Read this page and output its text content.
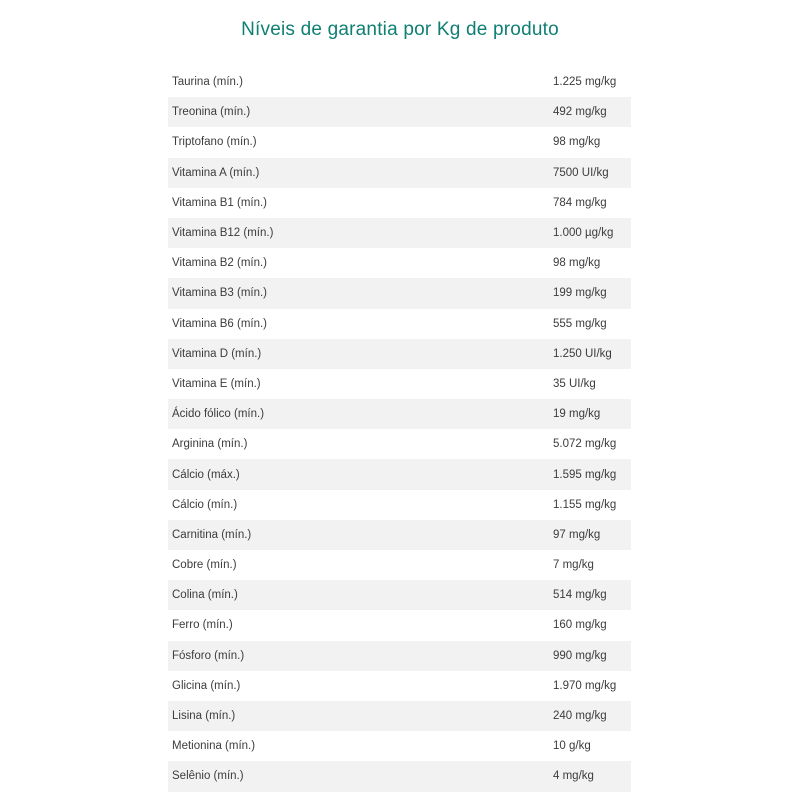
Níveis de garantia por Kg de produto
Taurina (mín.)	1.225 mg/kg
Treonina (mín.)	492 mg/kg
Triptofano (mín.)	98 mg/kg
Vitamina A (mín.)	7500 UI/kg
Vitamina B1 (mín.)	784 mg/kg
Vitamina B12 (mín.)	1.000 µg/kg
Vitamina B2 (mín.)	98 mg/kg
Vitamina B3 (mín.)	199 mg/kg
Vitamina B6 (mín.)	555 mg/kg
Vitamina D (mín.)	1.250 UI/kg
Vitamina E (mín.)	35 UI/kg
Ácido fólico (mín.)	19 mg/kg
Arginina (mín.)	5.072 mg/kg
Cálcio (máx.)	1.595 mg/kg
Cálcio (mín.)	1.155 mg/kg
Carnitina (mín.)	97 mg/kg
Cobre (mín.)	7 mg/kg
Colina (mín.)	514 mg/kg
Ferro (mín.)	160 mg/kg
Fósforo (mín.)	990 mg/kg
Glicina (mín.)	1.970 mg/kg
Lisina (mín.)	240 mg/kg
Metionina (mín.)	10 g/kg
Selênio (mín.)	4 mg/kg
